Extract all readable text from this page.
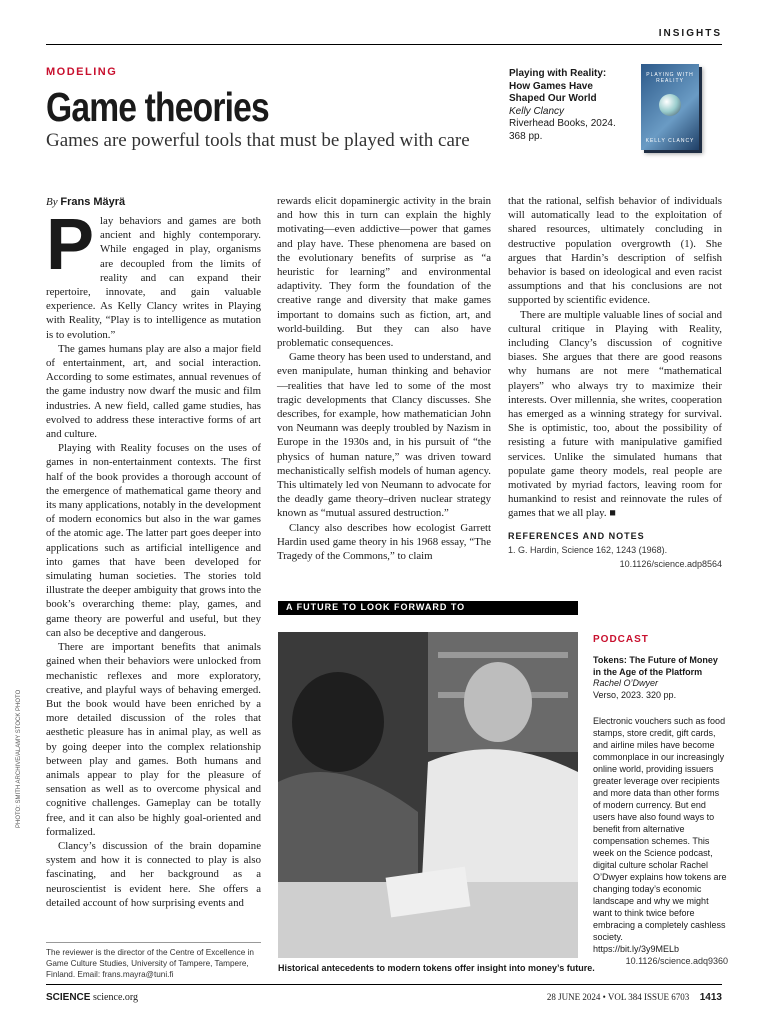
INSIGHTS
MODELING
Game theories
Games are powerful tools that must be played with care
Playing with Reality: How Games Have Shaped Our World
Kelly Clancy
Riverhead Books, 2024.
368 pp.
PLAYING WITH REALITY
KELLY CLANCY
By Frans Mäyrä

Play behaviors and games are both ancient and highly contemporary. While engaged in play, organisms are decoupled from the limits of reality and can expand their repertoire, innovate, and gain valuable experience. As Kelly Clancy writes in Playing with Reality, “Play is to intelligence as mutation is to evolution.”

The games humans play are also a major field of entertainment, art, and social interaction. According to some estimates, annual revenues of the game industry now dwarf the music and film industries. A new field, called game studies, has evolved to address these interactive forms of art and culture.

Playing with Reality focuses on the uses of games in non-entertainment contexts. The first half of the book provides a thorough account of the emergence of mathematical game theory and its many applications, notably in the development of modern economics but also in the war games of the atomic age. The latter part goes deeper into applications such as artificial intelligence and into games that have been developed for simulating human societies. The stories told illustrate the deeper ambiguity that grows into the book’s overarching theme: play, games, and game theory are powerful and useful, but they can also be deceptive and dangerous.

There are important benefits that animals gained when their behaviors were unlocked from mechanistic reflexes and more exploratory, creative, and playful ways of behaving emerged. But the book would have been enriched by a more detailed discussion of the roles that aesthetic pleasure has in animal play, as well as by going deeper into the complex relationship between play and games. Both humans and animals appear to play for the pleasure of sensation as well as to overcome physical and cognitive challenges. Gameplay can be totally free, and it can also be highly goal-oriented and formalized.

Clancy’s discussion of the brain dopamine system and how it is connected to play is also fascinating, and her background as a neuroscientist is evident here. She offers a detailed account of how surprising events and

rewards elicit dopaminergic activity in the brain and how this in turn can explain the highly motivating—even addictive—power that games and play have. These phenomena are based on the evolutionary benefits of surprise as “a heuristic for learning” and environmental adaptivity. They form the foundation of the creative range and diversity that make games important to domains such as fiction, art, and world-building. But they can also have problematic consequences.

Game theory has been used to understand, and even manipulate, human thinking and behavior—realities that have led to some of the most tragic developments that Clancy discusses. She describes, for example, how mathematician John von Neumann was deeply troubled by Nazism in Europe in the 1930s and, in his pursuit of “the physics of human nature,” was driven toward mechanistically selfish models of human agency. This ultimately led von Neumann to advocate for the deadly game theory–driven nuclear strategy known as “mutual assured destruction.”

Clancy also describes how ecologist Garrett Hardin used game theory in his 1968 essay, “The Tragedy of the Commons,” to claim

that the rational, selfish behavior of individuals will automatically lead to the exploitation of shared resources, ultimately concluding in destructive population overgrowth (1). She argues that Hardin’s description of selfish behavior is based on ideological and even racist assumptions and that his conclusions are not supported by scientific evidence.

There are multiple valuable lines of social and cultural critique in Playing with Reality, including Clancy’s discussion of cognitive biases. She argues that there are good reasons why humans are not mere “mathematical players” who always try to maximize their interests. Over millennia, she writes, cooperation has emerged as a winning strategy for survival. She is optimistic, too, about the possibility of resisting a future with manipulative gamified services. Unlike the simulated humans that populate game theory models, real people are motivated by myriad factors, leaving room for humankind to resist and reinnovate the rules of games that we all play. ■

REFERENCES AND NOTES
1. G. Hardin, Science 162, 1243 (1968).
10.1126/science.adp8564
A FUTURE TO LOOK FORWARD TO
Historical antecedents to modern tokens offer insight into money’s future.
PHOTO: SMITH ARCHIVE/ALAMY STOCK PHOTO
The reviewer is the director of the Centre of Excellence in Game Culture Studies, University of Tampere, Tampere, Finland. Email: frans.mayra@tuni.fi
PODCAST
Tokens: The Future of Money in the Age of the Platform
Rachel O’Dwyer
Verso, 2023. 320 pp.
Electronic vouchers such as food stamps, store credit, gift cards, and airline miles have become commonplace in our increasingly online world, providing issuers greater leverage over recipients and more data than other forms of modern currency. But end users have also found ways to benefit from alternative compensation schemes. This week on the Science podcast, digital culture scholar Rachel O’Dwyer explains how tokens are changing today’s economic landscape and why we might want to think twice before embracing a completely cashless society.
https://bit.ly/3y9MELb
10.1126/science.adq9360
SCIENCE science.org	28 JUNE 2024 • VOL 384 ISSUE 6703 1413
